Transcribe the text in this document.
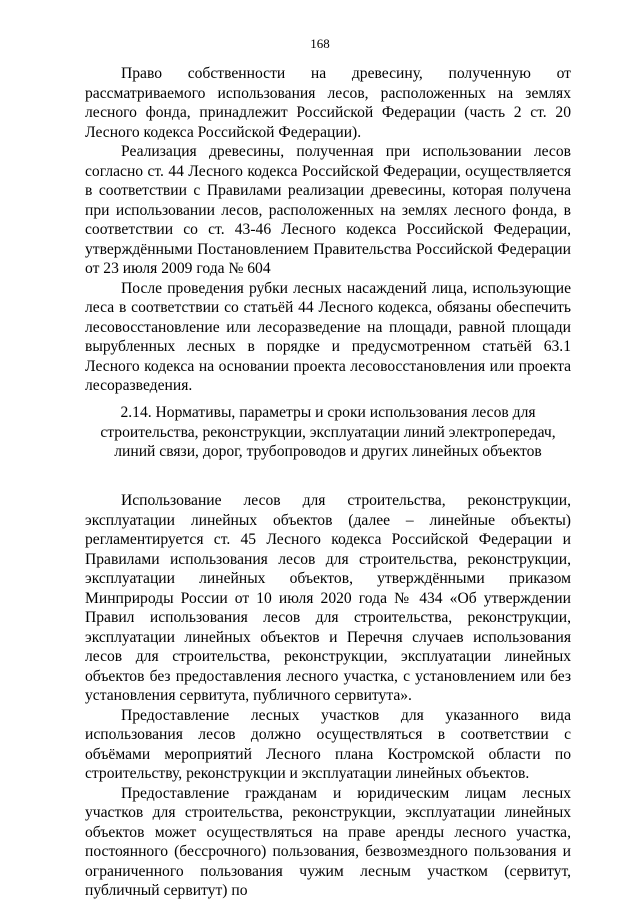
168

Право собственности на древесину, полученную от рассматриваемого использования лесов, расположенных на землях лесного фонда, принадлежит Российской Федерации (часть 2 ст. 20 Лесного кодекса Российской Федерации).

Реализация древесины, полученная при использовании лесов согласно ст. 44 Лесного кодекса Российской Федерации, осуществляется в соответствии с Правилами реализации древесины, которая получена при использовании лесов, расположенных на землях лесного фонда, в соответствии со ст. 43-46 Лесного кодекса Российской Федерации, утверждёнными Постановлением Правительства Российской Федерации от 23 июля 2009 года № 604

После проведения рубки лесных насаждений лица, использующие леса в соответствии со статьёй 44 Лесного кодекса, обязаны обеспечить лесовосстановление или лесоразведение на площади, равной площади вырубленных лесных в порядке и предусмотренном статьёй 63.1 Лесного кодекса на основании проекта лесовосстановления или проекта лесоразведения.

2.14. Нормативы, параметры и сроки использования лесов для строительства, реконструкции, эксплуатации линий электропередач, линий связи, дорог, трубопроводов и других линейных объектов

Использование лесов для строительства, реконструкции, эксплуатации линейных объектов (далее – линейные объекты) регламентируется ст. 45 Лесного кодекса Российской Федерации и Правилами использования лесов для строительства, реконструкции, эксплуатации линейных объектов, утверждёнными приказом Минприроды России от 10 июля 2020 года № 434 «Об утверждении Правил использования лесов для строительства, реконструкции, эксплуатации линейных объектов и Перечня случаев использования лесов для строительства, реконструкции, эксплуатации линейных объектов без предоставления лесного участка, с установлением или без установления сервитута, публичного сервитута».

Предоставление лесных участков для указанного вида использования лесов должно осуществляться в соответствии с объёмами мероприятий Лесного плана Костромской области по строительству, реконструкции и эксплуатации линейных объектов.

Предоставление гражданам и юридическим лицам лесных участков для строительства, реконструкции, эксплуатации линейных объектов может осуществляться на праве аренды лесного участка, постоянного (бессрочного) пользования, безвозмездного пользования и ограниченного пользования чужим лесным участком (сервитут, публичный сервитут) по
